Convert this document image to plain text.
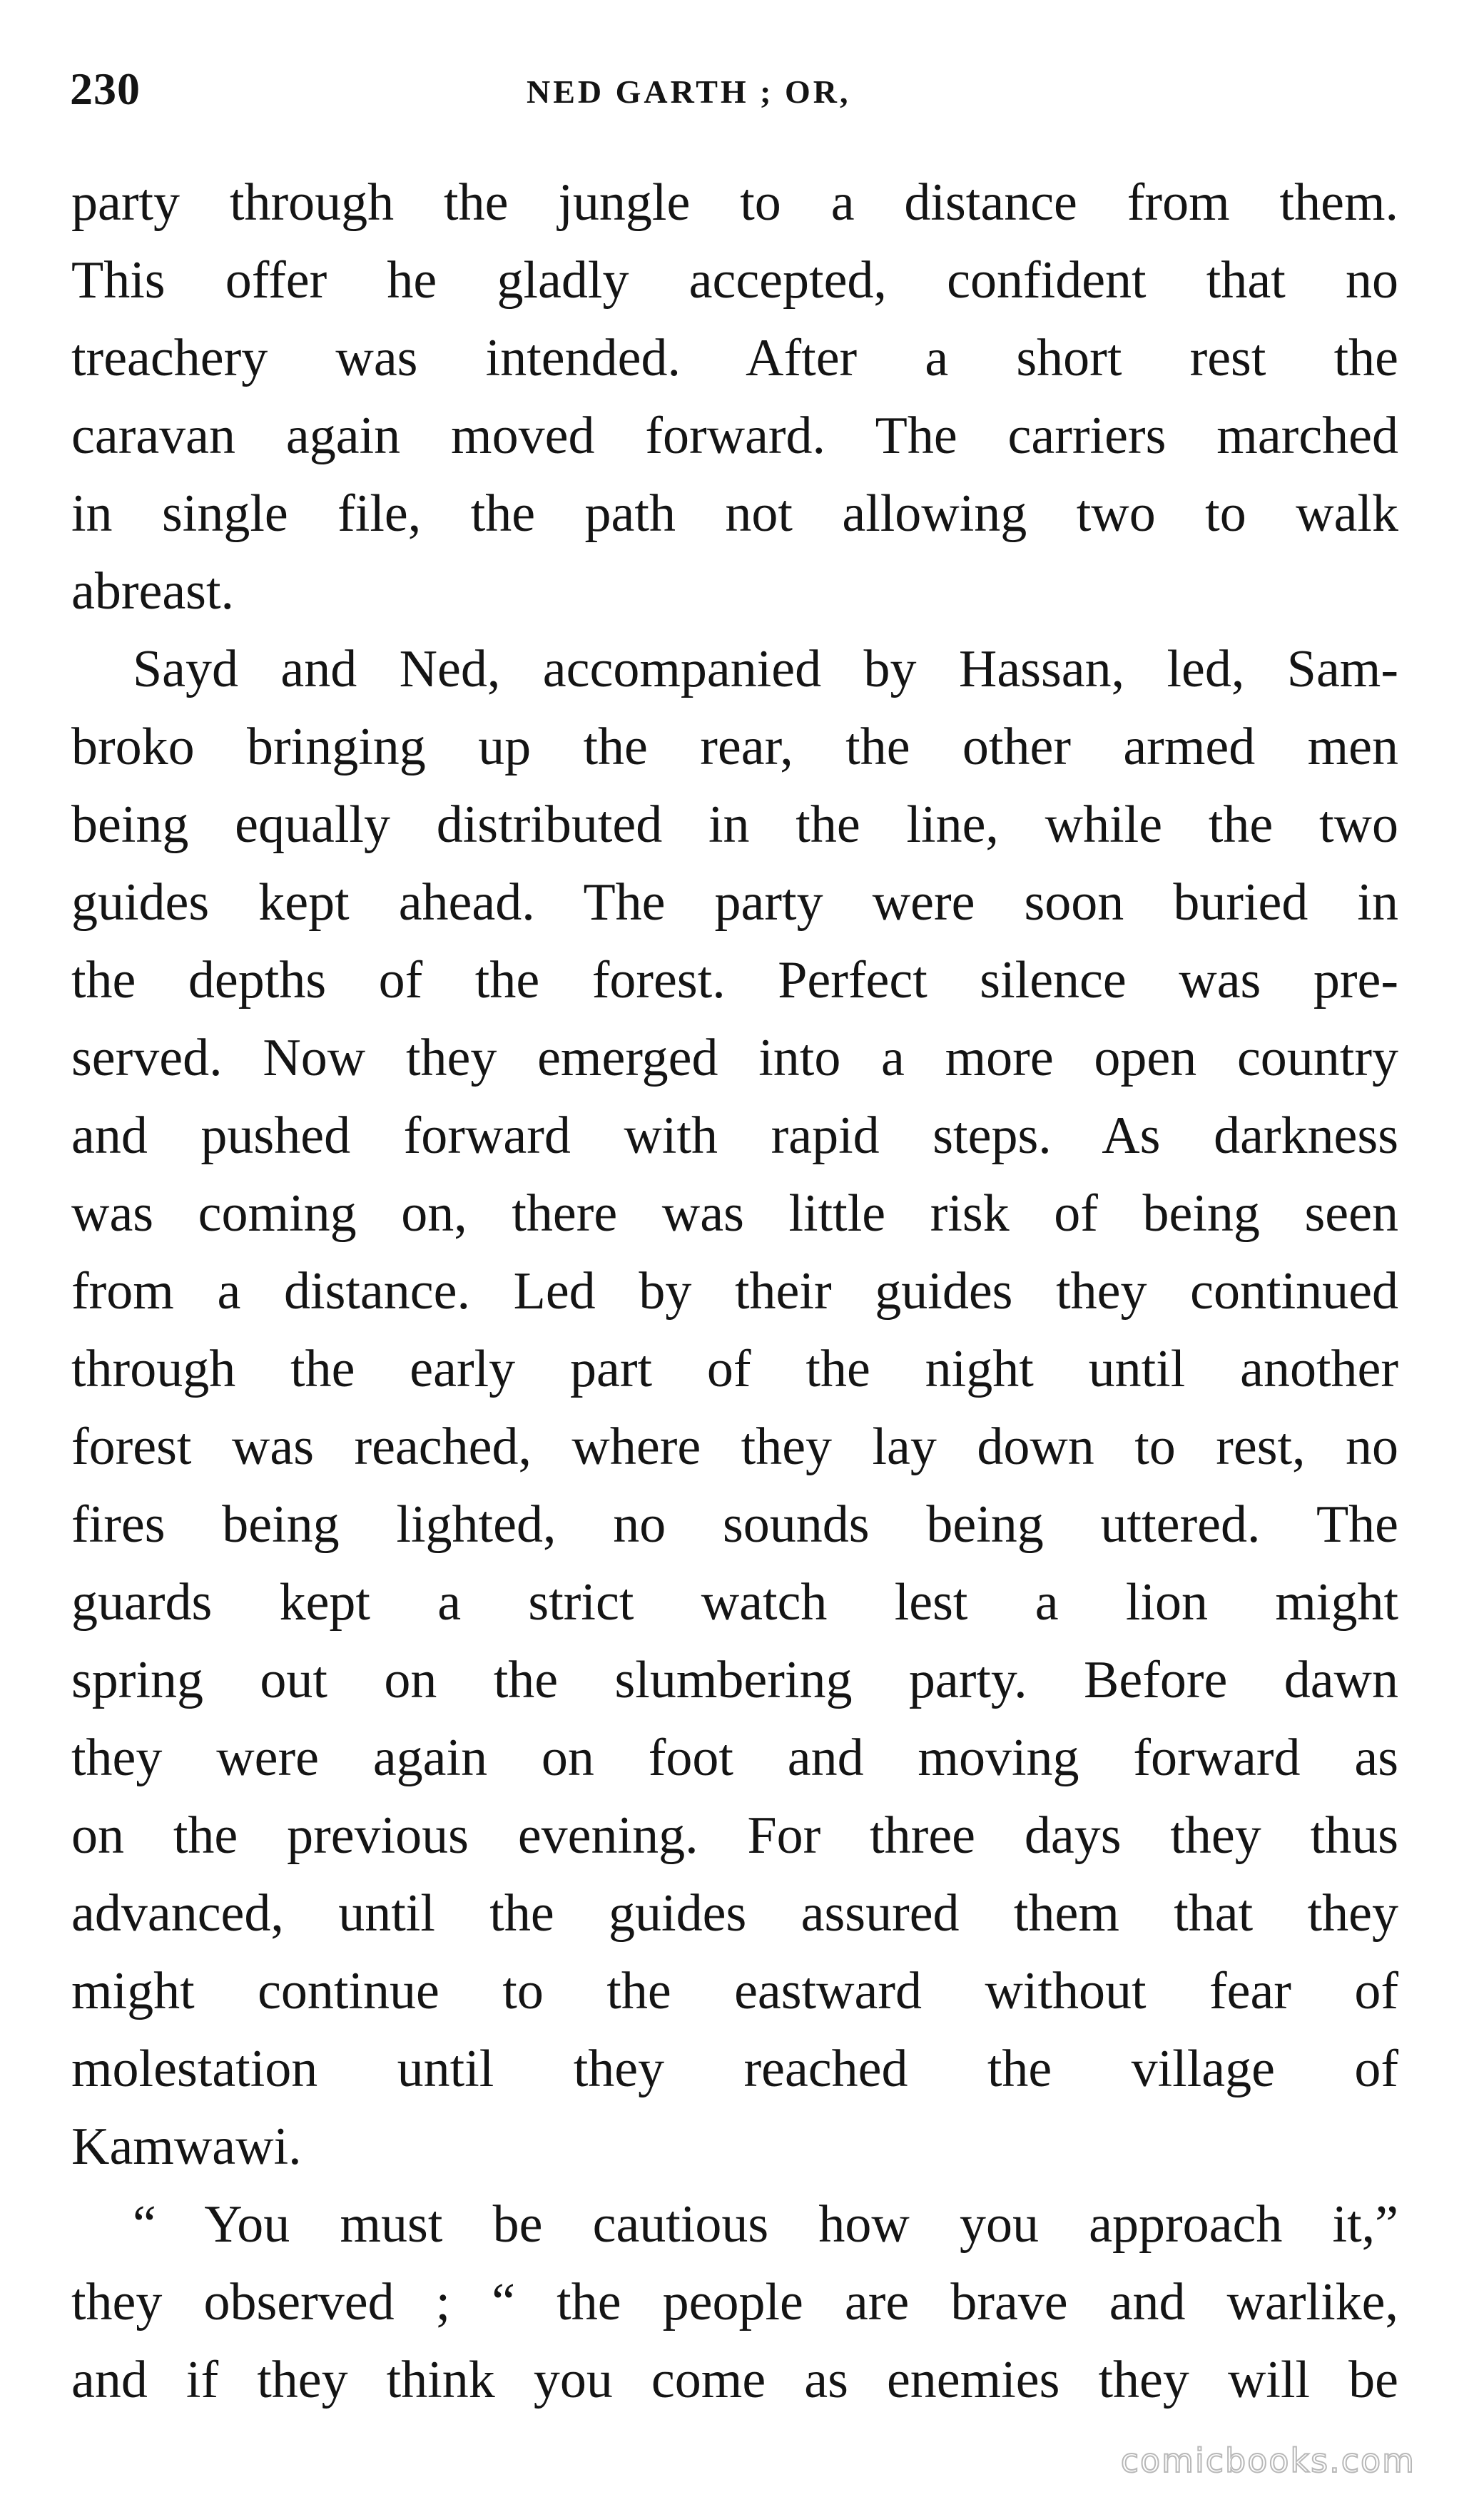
230	NED GARTH ; OR,
party through the jungle to a distance from them.
This offer he gladly accepted, confident that no
treachery was intended. After a short rest the
caravan again moved forward. The carriers marched
in single file, the path not allowing two to walk
abreast.
Sayd and Ned, accompanied by Hassan, led, Sam-
broko bringing up the rear, the other armed men
being equally distributed in the line, while the two
guides kept ahead. The party were soon buried in
the depths of the forest. Perfect silence was pre-
served. Now they emerged into a more open country
and pushed forward with rapid steps. As darkness
was coming on, there was little risk of being seen
from a distance. Led by their guides they continued
through the early part of the night until another
forest was reached, where they lay down to rest, no
fires being lighted, no sounds being uttered. The
guards kept a strict watch lest a lion might
spring out on the slumbering party. Before dawn
they were again on foot and moving forward as
on the previous evening. For three days they thus
advanced, until the guides assured them that they
might continue to the eastward without fear of
molestation until they reached the village of
Kamwawi.
“ You must be cautious how you approach it,”
they observed ; “ the people are brave and warlike,
and if they think you come as enemies they will be
comicbooks.com
